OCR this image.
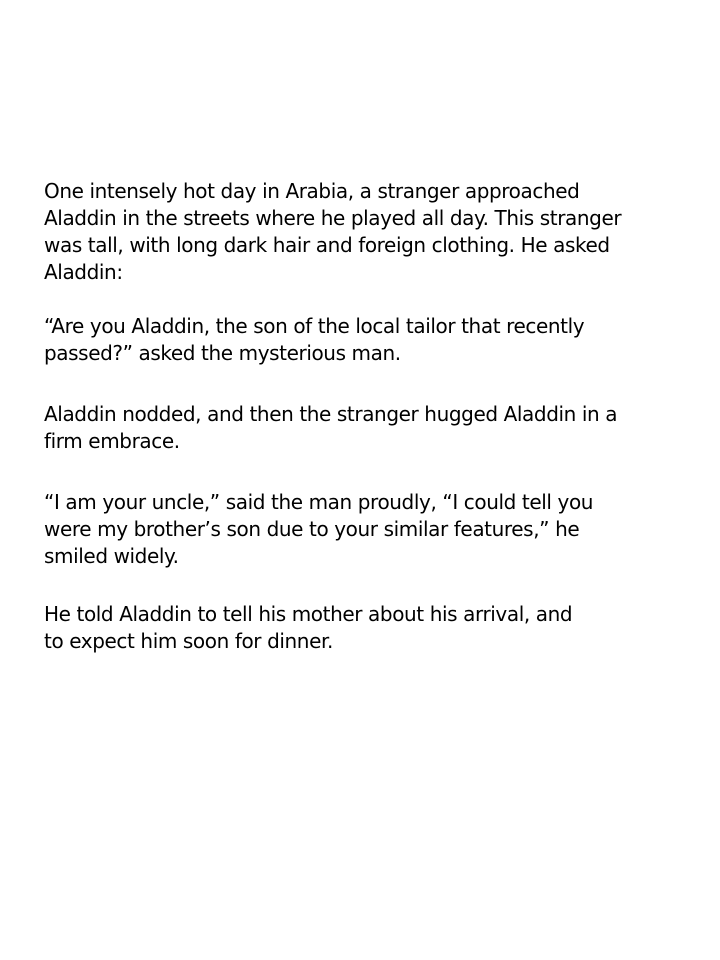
One intensely hot day in Arabia, a stranger approached
Aladdin in the streets where he played all day. This stranger
was tall, with long dark hair and foreign clothing. He asked
Aladdin:

“Are you Aladdin, the son of the local tailor that recently
passed?” asked the mysterious man.

Aladdin nodded, and then the stranger hugged Aladdin in a
firm embrace.

“I am your uncle,” said the man proudly, “I could tell you
were my brother’s son due to your similar features,” he
smiled widely.

He told Aladdin to tell his mother about his arrival, and
to expect him soon for dinner.
